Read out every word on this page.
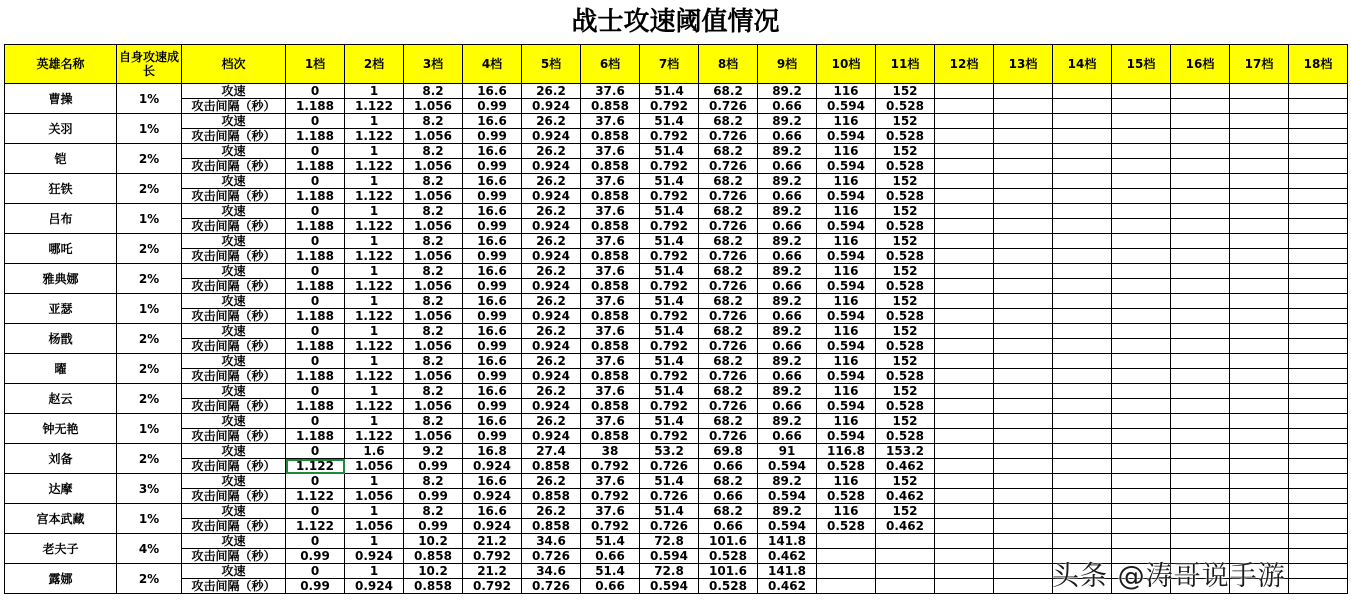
战士攻速阈值情况
英雄名称	自身攻速成长	档次	1档	2档	3档	4档	5档	6档	7档	8档	9档	10档	11档	12档	13档	14档	15档	16档	17档	18档
曹操	1%	攻速	0	1	8.2	16.6	26.2	37.6	51.4	68.2	89.2	116	152							
		攻击间隔（秒）	1.188	1.122	1.056	0.99	0.924	0.858	0.792	0.726	0.66	0.594	0.528							
关羽	1%	攻速	0	1	8.2	16.6	26.2	37.6	51.4	68.2	89.2	116	152							
		攻击间隔（秒）	1.188	1.122	1.056	0.99	0.924	0.858	0.792	0.726	0.66	0.594	0.528							
铠	2%	攻速	0	1	8.2	16.6	26.2	37.6	51.4	68.2	89.2	116	152							
		攻击间隔（秒）	1.188	1.122	1.056	0.99	0.924	0.858	0.792	0.726	0.66	0.594	0.528							
狂铁	2%	攻速	0	1	8.2	16.6	26.2	37.6	51.4	68.2	89.2	116	152							
		攻击间隔（秒）	1.188	1.122	1.056	0.99	0.924	0.858	0.792	0.726	0.66	0.594	0.528							
吕布	1%	攻速	0	1	8.2	16.6	26.2	37.6	51.4	68.2	89.2	116	152							
		攻击间隔（秒）	1.188	1.122	1.056	0.99	0.924	0.858	0.792	0.726	0.66	0.594	0.528							
哪吒	2%	攻速	0	1	8.2	16.6	26.2	37.6	51.4	68.2	89.2	116	152							
		攻击间隔（秒）	1.188	1.122	1.056	0.99	0.924	0.858	0.792	0.726	0.66	0.594	0.528							
雅典娜	2%	攻速	0	1	8.2	16.6	26.2	37.6	51.4	68.2	89.2	116	152							
		攻击间隔（秒）	1.188	1.122	1.056	0.99	0.924	0.858	0.792	0.726	0.66	0.594	0.528							
亚瑟	1%	攻速	0	1	8.2	16.6	26.2	37.6	51.4	68.2	89.2	116	152							
		攻击间隔（秒）	1.188	1.122	1.056	0.99	0.924	0.858	0.792	0.726	0.66	0.594	0.528							
杨戬	2%	攻速	0	1	8.2	16.6	26.2	37.6	51.4	68.2	89.2	116	152							
		攻击间隔（秒）	1.188	1.122	1.056	0.99	0.924	0.858	0.792	0.726	0.66	0.594	0.528							
曜	2%	攻速	0	1	8.2	16.6	26.2	37.6	51.4	68.2	89.2	116	152							
		攻击间隔（秒）	1.188	1.122	1.056	0.99	0.924	0.858	0.792	0.726	0.66	0.594	0.528							
赵云	2%	攻速	0	1	8.2	16.6	26.2	37.6	51.4	68.2	89.2	116	152							
		攻击间隔（秒）	1.188	1.122	1.056	0.99	0.924	0.858	0.792	0.726	0.66	0.594	0.528							
钟无艳	1%	攻速	0	1	8.2	16.6	26.2	37.6	51.4	68.2	89.2	116	152							
		攻击间隔（秒）	1.188	1.122	1.056	0.99	0.924	0.858	0.792	0.726	0.66	0.594	0.528							
刘备	2%	攻速	0	1.6	9.2	16.8	27.4	38	53.2	69.8	91	116.8	153.2							
		攻击间隔（秒）	1.122	1.056	0.99	0.924	0.858	0.792	0.726	0.66	0.594	0.528	0.462							
达摩	3%	攻速	0	1	8.2	16.6	26.2	37.6	51.4	68.2	89.2	116	152							
		攻击间隔（秒）	1.122	1.056	0.99	0.924	0.858	0.792	0.726	0.66	0.594	0.528	0.462							
宫本武藏	1%	攻速	0	1	8.2	16.6	26.2	37.6	51.4	68.2	89.2	116	152							
		攻击间隔（秒）	1.122	1.056	0.99	0.924	0.858	0.792	0.726	0.66	0.594	0.528	0.462							
老夫子	4%	攻速	0	1	10.2	21.2	34.6	51.4	72.8	101.6	141.8									
		攻击间隔（秒）	0.99	0.924	0.858	0.792	0.726	0.66	0.594	0.528	0.462									
露娜	2%	攻速	0	1	10.2	21.2	34.6	51.4	72.8	101.6	141.8									
		攻击间隔（秒）	0.99	0.924	0.858	0.792	0.726	0.66	0.594	0.528	0.462										头条 @涛哥说手游
